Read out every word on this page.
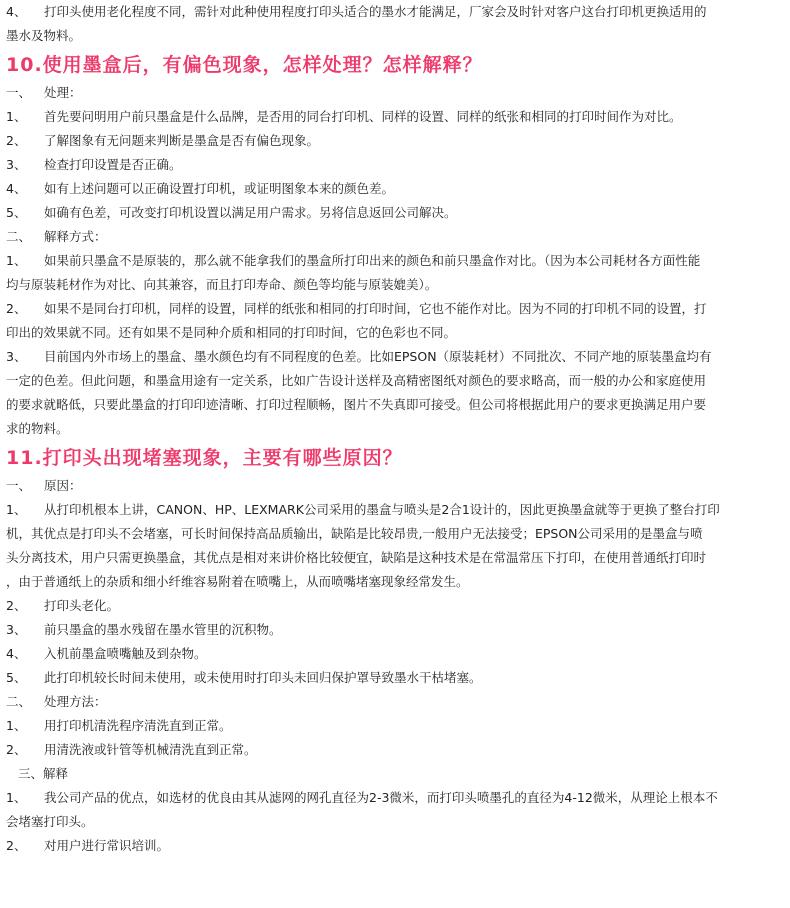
4、 打印头使用老化程度不同，需针对此种使用程度打印头适合的墨水才能满足，厂家会及时针对客户这台打印机更换适用的
墨水及物料。
10.使用墨盒后，有偏色现象，怎样处理？怎样解释？
一、 处理：
1、 首先要问明用户前只墨盒是什么品牌，是否用的同台打印机、同样的设置、同样的纸张和相同的打印时间作为对比。
2、 了解图象有无问题来判断是墨盒是否有偏色现象。
3、 检查打印设置是否正确。
4、 如有上述问题可以正确设置打印机，或证明图象本来的颜色差。
5、 如确有色差，可改变打印机设置以满足用户需求。另将信息返回公司解决。
二、 解释方式：
1、 如果前只墨盒不是原装的，那么就不能拿我们的墨盒所打印出来的颜色和前只墨盒作对比。（因为本公司耗材各方面性能
均与原装耗材作为对比、向其兼容，而且打印寿命、颜色等均能与原装媲美）。
2、 如果不是同台打印机，同样的设置，同样的纸张和相同的打印时间，它也不能作对比。因为不同的打印机不同的设置，打
印出的效果就不同。还有如果不是同种介质和相同的打印时间，它的色彩也不同。
3、 目前国内外市场上的墨盒、墨水颜色均有不同程度的色差。比如EPSON（原装耗材）不同批次、不同产地的原装墨盒均有
一定的色差。但此问题，和墨盒用途有一定关系，比如广告设计送样及高精密图纸对颜色的要求略高，而一般的办公和家庭使用
的要求就略低，只要此墨盒的打印印迹清晰、打印过程顺畅，图片不失真即可接受。但公司将根据此用户的要求更换满足用户要
求的物料。
11.打印头出现堵塞现象，主要有哪些原因？
一、 原因：
1、 从打印机根本上讲，CANON、HP、LEXMARK公司采用的墨盒与喷头是2合1设计的，因此更换墨盒就等于更换了整台打印
机，其优点是打印头不会堵塞，可长时间保持高品质输出，缺陷是比较昂贵,一般用户无法接受；EPSON公司采用的是墨盒与喷
头分离技术，用户只需更换墨盒，其优点是相对来讲价格比较便宜，缺陷是这种技术是在常温常压下打印，在使用普通纸打印时
，由于普通纸上的杂质和细小纤维容易附着在喷嘴上，从而喷嘴堵塞现象经常发生。
2、 打印头老化。
3、 前只墨盒的墨水残留在墨水管里的沉积物。
4、 入机前墨盒喷嘴触及到杂物。
5、 此打印机较长时间未使用，或未使用时打印头未回归保护罩导致墨水干枯堵塞。
二、 处理方法：
1、 用打印机清洗程序清洗直到正常。
2、 用清洗液或针管等机械清洗直到正常。
三、解释
1、 我公司产品的优点，如选材的优良由其从滤网的网孔直径为2-3微米，而打印头喷墨孔的直径为4-12微米，从理论上根本不
会堵塞打印头。
2、 对用户进行常识培训。
